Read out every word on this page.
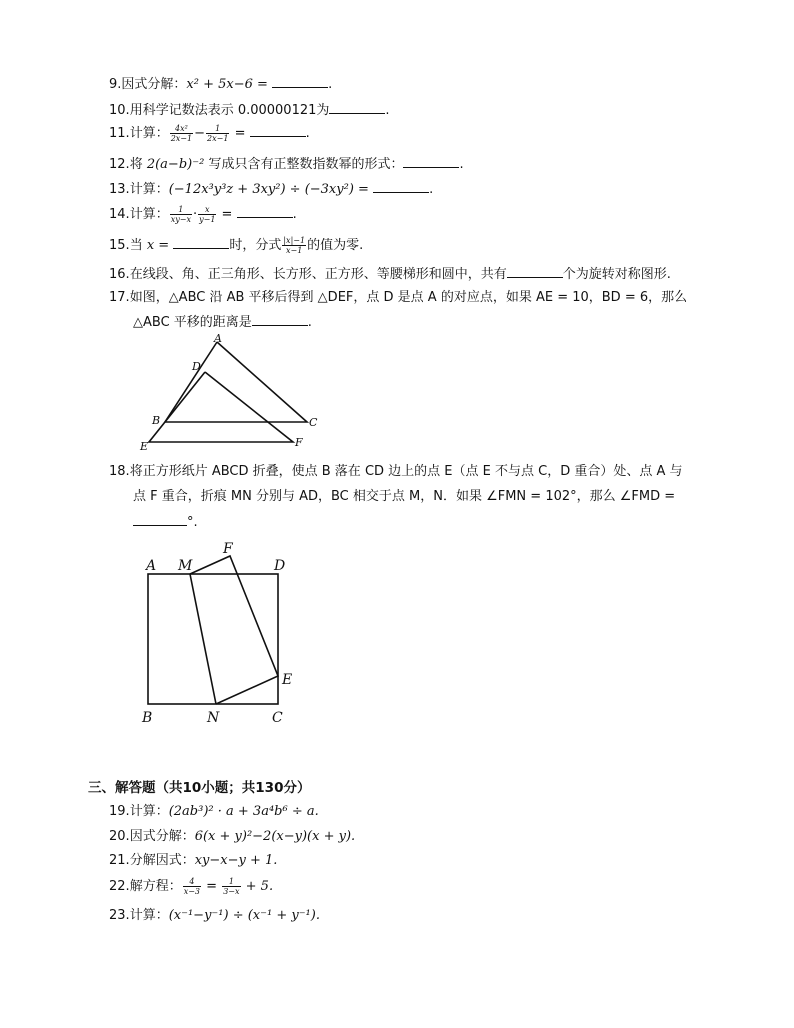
9.因式分解：x² + 5x−6 =	.
10.用科学记数法表示 0.00000121为	.
11.计算： $\frac{\text{4x²}}{2x-1} - \frac{1}{2x-1}$ =	.
12.将 2(a−b)⁻² 写成只含有正整数指数幂的形式：	.
13.计算：(−12x³y³z + 3xy²) ÷ (−3xy²) =	.
14.计算： $\frac{1}{xy-x} \cdot \frac{x}{y-1}$ =	.
15.当 x =	时，分式 $\frac{|x|-1}{x-1}$ 的值为零.
16.在线段、角、正三角形、长方形、正方形、等腰梯形和圆中，共有	个为旋转对称图形.
17.如图，△ABC 沿 AB 平移后得到 △DEF，点 D 是点 A 的对应点，如果 AE = 10，BD = 6，那么
△ABC 平移的距离是	.
A
D
B	C
E	F
18.将正方形纸片 ABCD 折叠，使点 B 落在 CD 边上的点 E（点 E 不与点 C，D 重合）处、点 A 与
点 F 重合，折痕 MN 分别与 AD，BC 相交于点 M，N．如果 ∠FMN = 102°，那么 ∠FMD =
°.
A M
F
D
E
B	N	C
三、解答题（共10小题；共130分）
19.计算：(2ab³)² · a + 3a⁴b⁶ ÷ a.
20.因式分解：6(x + y)²−2(x−y)(x + y).
21.分解因式：xy−x−y + 1.
22.解方程： $\frac{4}{x-3} = \frac{1}{3-x} + 5$.
23.计算：(x⁻¹−y⁻¹) ÷ (x⁻¹ + y⁻¹).
